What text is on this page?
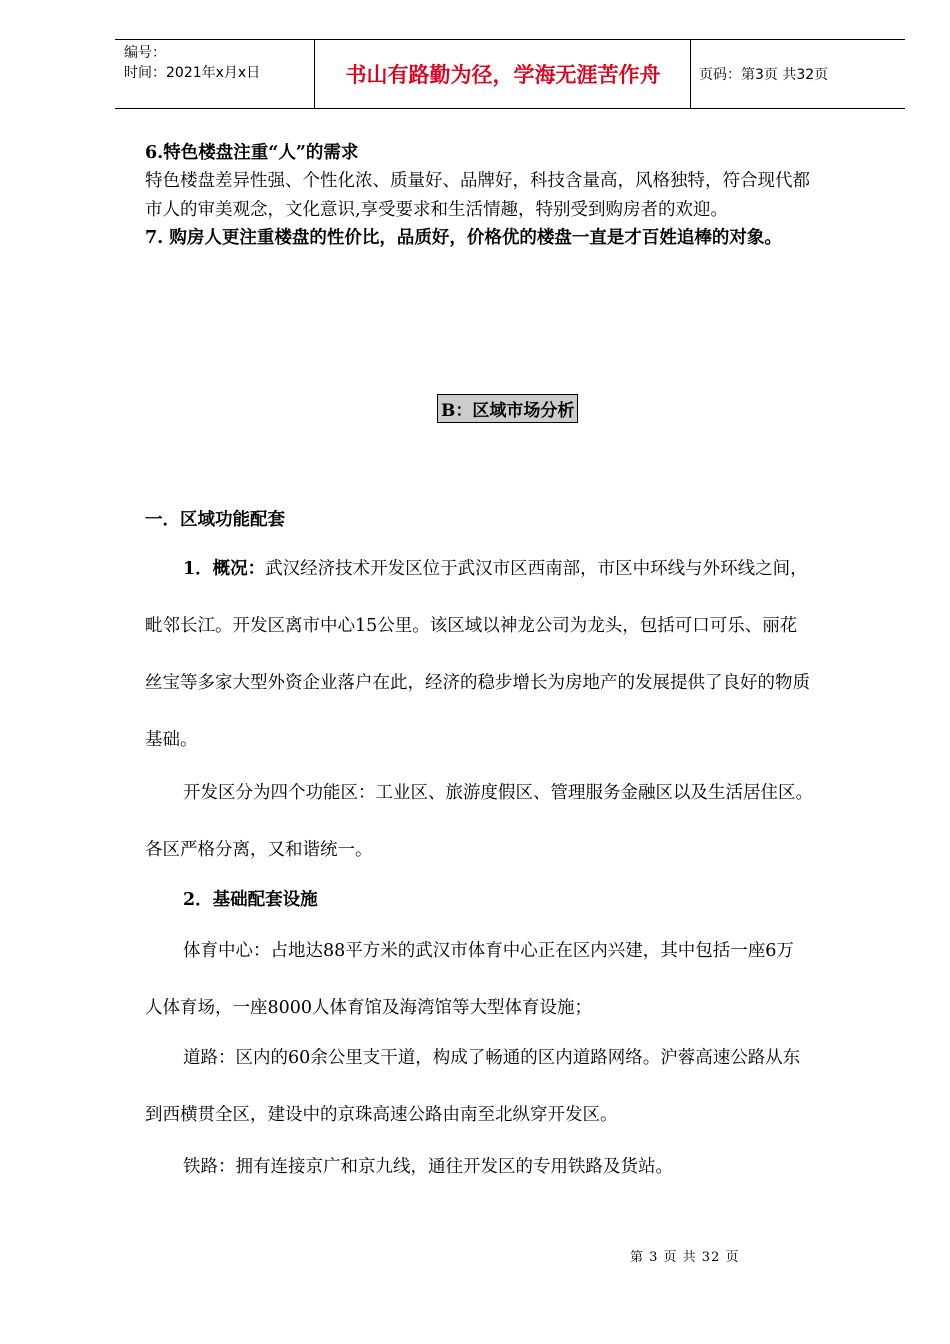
编号：
时间：2021年x月x日	书山有路勤为径，学海无涯苦作舟	页码：第3页 共32页
6.特色楼盘注重“人”的需求
特色楼盘差异性强、个性化浓、质量好、品牌好，科技含量高，风格独特，符合现代都
市人的审美观念，文化意识,享受要求和生活情趣，特别受到购房者的欢迎。
7. 购房人更注重楼盘的性价比，品质好，价格优的楼盘一直是才百姓追棒的对象。
B：区域市场分析
一．区域功能配套
1．概况：武汉经济技术开发区位于武汉市区西南部，市区中环线与外环线之间，
毗邻长江。开发区离市中心15公里。该区域以神龙公司为龙头，包括可口可乐、丽花
丝宝等多家大型外资企业落户在此，经济的稳步增长为房地产的发展提供了良好的物质
基础。
开发区分为四个功能区：工业区、旅游度假区、管理服务金融区以及生活居住区。
各区严格分离，又和谐统一。
2．基础配套设施
体育中心：占地达88平方米的武汉市体育中心正在区内兴建，其中包括一座6万
人体育场，一座8000人体育馆及海湾馆等大型体育设施；
道路：区内的60余公里支干道，构成了畅通的区内道路网络。沪蓉高速公路从东
到西横贯全区，建设中的京珠高速公路由南至北纵穿开发区。
铁路：拥有连接京广和京九线，通往开发区的专用铁路及货站。
第 3 页 共 32 页
